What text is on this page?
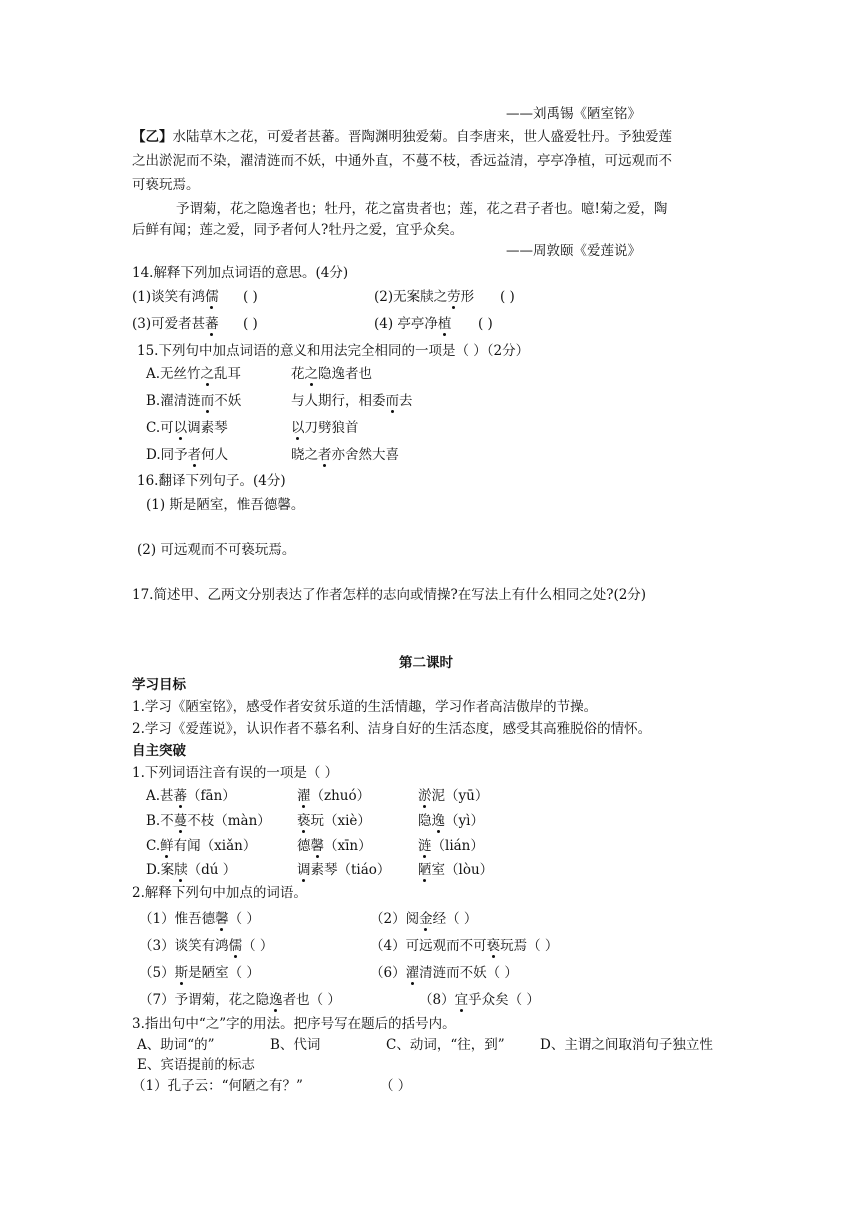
——刘禹锡《陋室铭》
【乙】水陆草木之花，可爱者甚蕃。晋陶渊明独爱菊。自李唐来，世人盛爱牡丹。予独爱莲
之出淤泥而不染，濯清涟而不妖，中通外直，不蔓不枝，香远益清，亭亭净植，可远观而不
可亵玩焉。
予谓菊，花之隐逸者也；牡丹，花之富贵者也；莲，花之君子者也。噫!菊之爱，陶
后鲜有闻；莲之爱，同予者何人?牡丹之爱，宜乎众矣。
——周敦颐《爱莲说》
14.解释下列加点词语的意思。(4分)
(1)谈笑有鸿儒 ( )	(2)无案牍之劳形 ( )
(3)可爱者甚蕃 ( )	(4) 亭亭净植 ( )
15.下列句中加点词语的意义和用法完全相同的一项是（ ）（2分）
A.无丝竹之乱耳	花之隐逸者也
B.濯清涟而不妖	与人期行，相委而去
C.可以调素琴	以刀劈狼首
D.同予者何人	晓之者亦舍然大喜
16.翻译下列句子。(4分)
(1) 斯是陋室，惟吾德馨。
(2) 可远观而不可亵玩焉。
17.简述甲、乙两文分别表达了作者怎样的志向或情操?在写法上有什么相同之处?(2分)
第二课时
学习目标
1.学习《陋室铭》，感受作者安贫乐道的生活情趣，学习作者高洁傲岸的节操。
2.学习《爱莲说》，认识作者不慕名利、洁身自好的生活态度，感受其高雅脱俗的情怀。
自主突破
1.下列词语注音有误的一项是（ ）
A.甚蕃（fān）	濯（zhuó）	淤泥（yū）
B.不蔓不枝（màn） 亵玩（xiè）	隐逸（yì）
C.鲜有闻（xiǎn）	德馨（xīn）	涟（lián）
D.案牍（dú ）	调素琴（tiáo） 陋室（lòu）
2.解释下列句中加点的词语。
（1）惟吾德馨（ ）	（2）阅金经（ ）
（3）谈笑有鸿儒（ ）	（4）可远观而不可亵玩焉（ ）
（5）斯是陋室（ ）	（6）濯清涟而不妖（ ）
（7）予谓菊，花之隐逸者也（ ）	（8）宜乎众矣（ ）
3.指出句中“之”字的用法。把序号写在题后的括号内。
A、助词“的”	B、代词	C、动词，“往，到”	D、主谓之间取消句子独立性
E、宾语提前的标志
（1）孔子云：“何陋之有？”	（ ）
